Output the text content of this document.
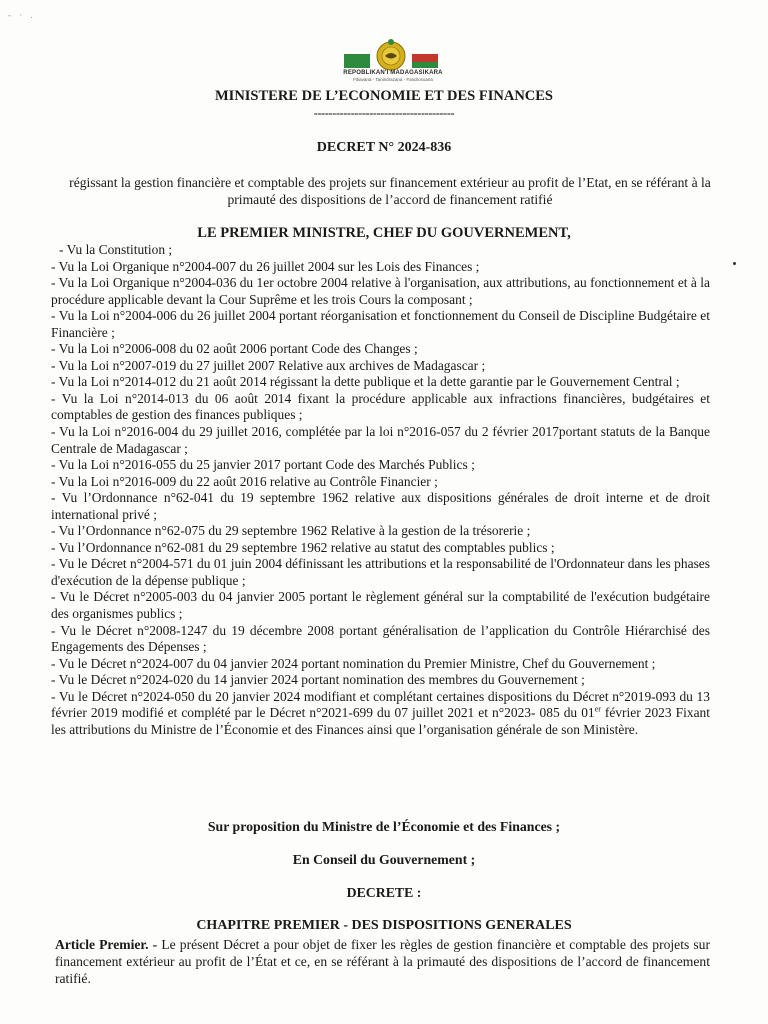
- · .
REPOBLIKAN'I MADAGASIKARA
Fitiavana - Tanindrazana - Fandrosoana
MINISTERE DE L’ECONOMIE ET DES FINANCES
--------------------------------------
DECRET N° 2024-836
régissant la gestion financière et comptable des projets sur financement extérieur au profit de l’Etat, en se référant à la primauté des dispositions de l’accord de financement ratifié
LE PREMIER MINISTRE, CHEF DU GOUVERNEMENT,

- Vu la Constitution ;

- Vu la Loi Organique n°2004-007 du 26 juillet 2004 sur les Lois des Finances ;

- Vu la Loi Organique n°2004-036 du 1er octobre 2004 relative à l'organisation, aux attributions, au fonctionnement et à la procédure applicable devant la Cour Suprême et les trois Cours la composant ;

- Vu la Loi n°2004-006 du 26 juillet 2004 portant réorganisation et fonctionnement du Conseil de Discipline Budgétaire et Financière ;

- Vu la Loi n°2006-008 du 02 août 2006 portant Code des Changes ;

- Vu la Loi n°2007-019 du 27 juillet 2007 Relative aux archives de Madagascar ;

- Vu la Loi n°2014-012 du 21 août 2014 régissant la dette publique et la dette garantie par le Gouvernement Central ;

- Vu la Loi n°2014-013 du 06 août 2014 fixant la procédure applicable aux infractions financières, budgétaires et comptables de gestion des finances publiques ;

- Vu la Loi n°2016-004 du 29 juillet 2016, complétée par la loi n°2016-057 du 2 février 2017portant statuts de la Banque Centrale de Madagascar ;

- Vu la Loi n°2016-055 du 25 janvier 2017 portant Code des Marchés Publics ;

- Vu la Loi n°2016-009 du 22 août 2016 relative au Contrôle Financier ;

- Vu l’Ordonnance n°62-041 du 19 septembre 1962 relative aux dispositions générales de droit interne et de droit international privé ;

- Vu l’Ordonnance n°62-075 du 29 septembre 1962 Relative à la gestion de la trésorerie ;

- Vu l’Ordonnance n°62-081 du 29 septembre 1962 relative au statut des comptables publics ;

- Vu le Décret n°2004-571 du 01 juin 2004 définissant les attributions et la responsabilité de l'Ordonnateur dans les phases d'exécution de la dépense publique ;

- Vu le Décret n°2005-003 du 04 janvier 2005 portant le règlement général sur la comptabilité de l'exécution budgétaire des organismes publics ;

- Vu le Décret n°2008-1247 du 19 décembre 2008 portant généralisation de l’application du Contrôle Hiérarchisé des Engagements des Dépenses ;

- Vu le Décret n°2024-007 du 04 janvier 2024 portant nomination du Premier Ministre, Chef du Gouvernement ;

- Vu le Décret n°2024-020 du 14 janvier 2024 portant nomination des membres du Gouvernement ;

- Vu le Décret n°2024-050 du 20 janvier 2024 modifiant et complétant certaines dispositions du Décret n°2019-093 du 13 février 2019 modifié et complété par le Décret n°2021-699 du 07 juillet 2021 et n°2023- 085 du 01er février 2023 Fixant les attributions du Ministre de l’Économie et des Finances ainsi que l’organisation générale de son Ministère.

Sur proposition du Ministre de l’Économie et des Finances ;
En Conseil du Gouvernement ;
DECRETE :
CHAPITRE PREMIER - DES DISPOSITIONS GENERALES
Article Premier. - Le présent Décret a pour objet de fixer les règles de gestion financière et comptable des projets sur financement extérieur au profit de l’État et ce, en se référant à la primauté des dispositions de l’accord de financement ratifié.
